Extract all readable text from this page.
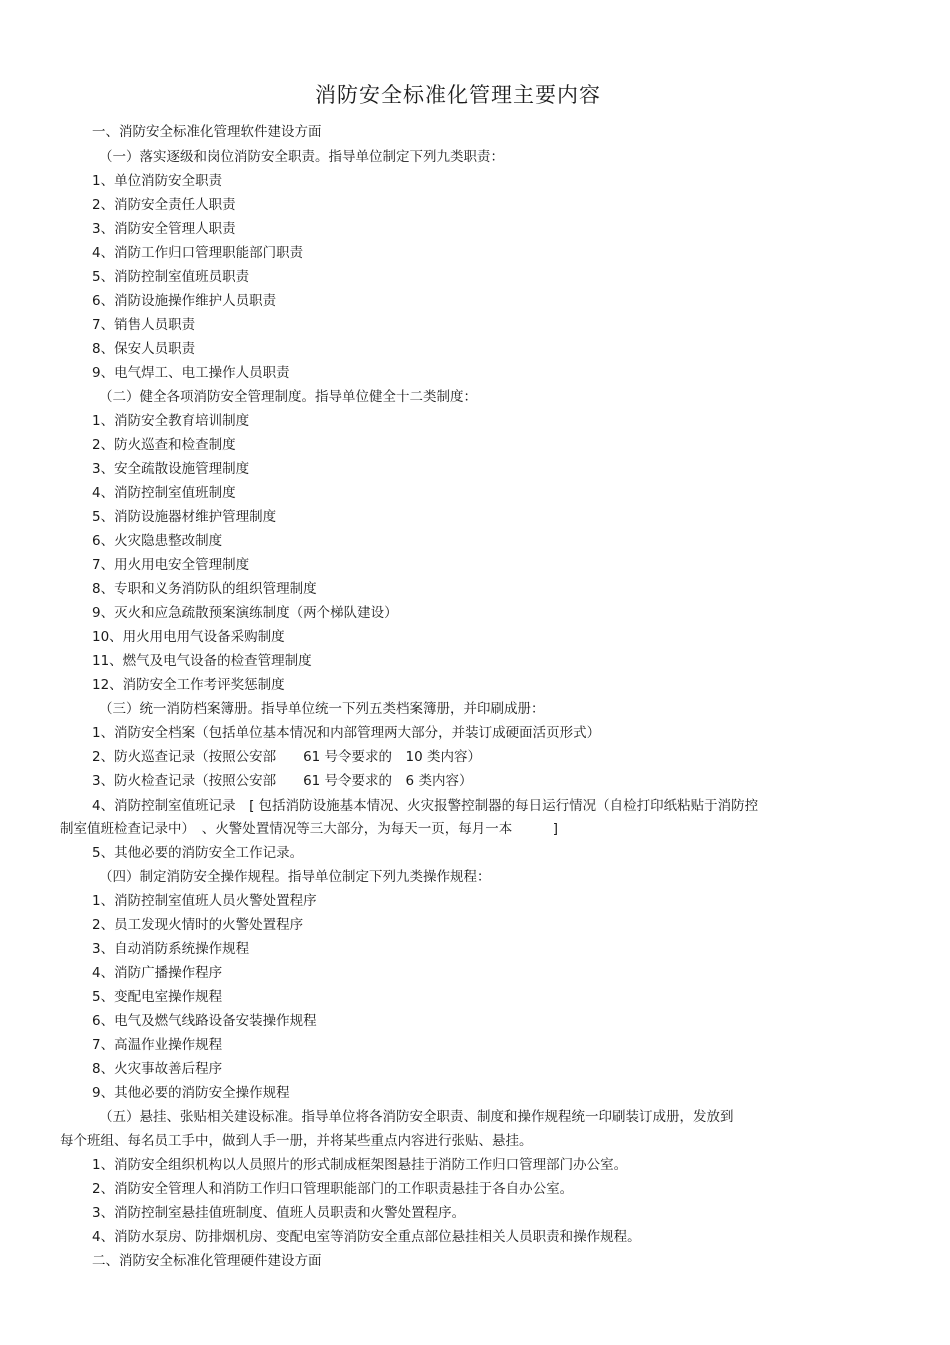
消防安全标准化管理主要内容
一、消防安全标准化管理软件建设方面
（一）落实逐级和岗位消防安全职责。指导单位制定下列九类职责：
1、单位消防安全职责
2、消防安全责任人职责
3、消防安全管理人职责
4、消防工作归口管理职能部门职责
5、消防控制室值班员职责
6、消防设施操作维护人员职责
7、销售人员职责
8、保安人员职责
9、电气焊工、电工操作人员职责
（二）健全各项消防安全管理制度。指导单位健全十二类制度：
1、消防安全教育培训制度
2、防火巡查和检查制度
3、安全疏散设施管理制度
4、消防控制室值班制度
5、消防设施器材维护管理制度
6、火灾隐患整改制度
7、用火用电安全管理制度
8、专职和义务消防队的组织管理制度
9、灭火和应急疏散预案演练制度（两个梯队建设）
10、用火用电用气设备采购制度
11、燃气及电气设备的检查管理制度
12、消防安全工作考评奖惩制度
（三）统一消防档案簿册。指导单位统一下列五类档案簿册，并印刷成册：
1、消防安全档案（包括单位基本情况和内部管理两大部分，并装订成硬面活页形式）
2、防火巡查记录（按照公安部　　61 号令要求的　10 类内容）
3、防火检查记录（按照公安部　　61 号令要求的　6 类内容）
4、消防控制室值班记录　[ 包括消防设施基本情况、火灾报警控制器的每日运行情况（自检打印纸粘贴于消防控
制室值班检查记录中）　、火警处置情况等三大部分，为每天一页，每月一本　　　]
5、其他必要的消防安全工作记录。
（四）制定消防安全操作规程。指导单位制定下列九类操作规程：
1、消防控制室值班人员火警处置程序
2、员工发现火情时的火警处置程序
3、自动消防系统操作规程
4、消防广播操作程序
5、变配电室操作规程
6、电气及燃气线路设备安装操作规程
7、高温作业操作规程
8、火灾事故善后程序
9、其他必要的消防安全操作规程
（五）悬挂、张贴相关建设标准。指导单位将各消防安全职责、制度和操作规程统一印刷装订成册，发放到
每个班组、每名员工手中，做到人手一册，并将某些重点内容进行张贴、悬挂。
1、消防安全组织机构以人员照片的形式制成框架图悬挂于消防工作归口管理部门办公室。
2、消防安全管理人和消防工作归口管理职能部门的工作职责悬挂于各自办公室。
3、消防控制室悬挂值班制度、值班人员职责和火警处置程序。
4、消防水泵房、防排烟机房、变配电室等消防安全重点部位悬挂相关人员职责和操作规程。
二、消防安全标准化管理硬件建设方面
